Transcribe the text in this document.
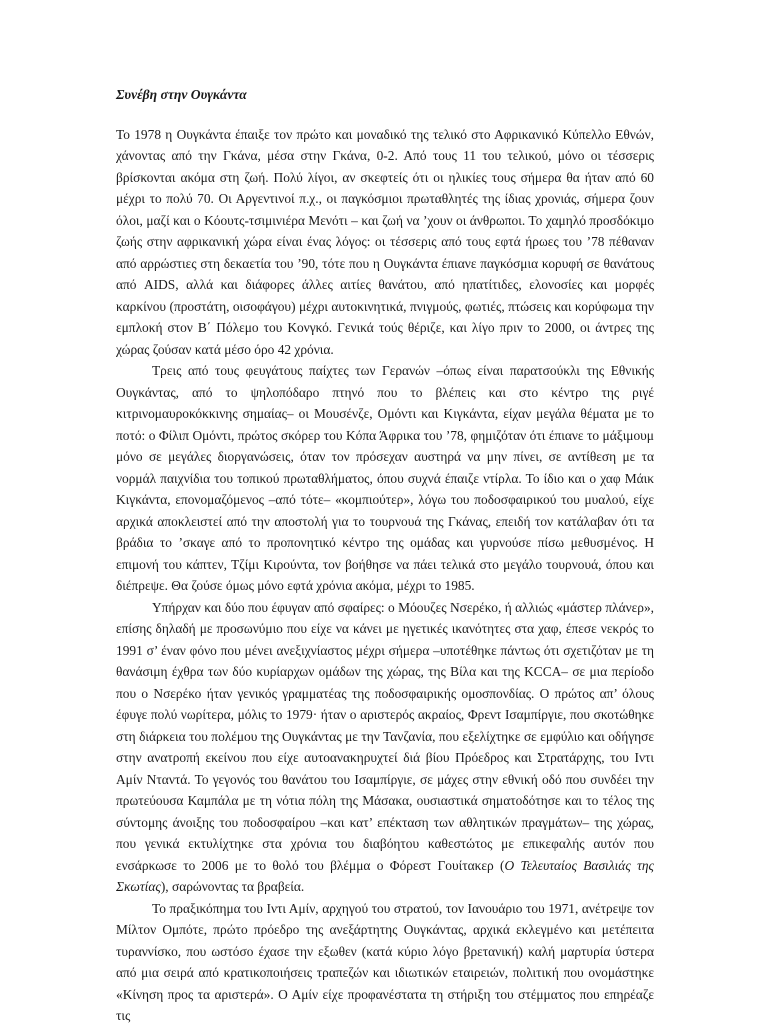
Συνέβη στην Ουγκάντα

Το 1978 η Ουγκάντα έπαιξε τον πρώτο και μοναδικό της τελικό στο Αφρικανικό Κύπελλο Εθνών, χάνοντας από την Γκάνα, μέσα στην Γκάνα, 0-2. Από τους 11 του τελικού, μόνο οι τέσσερις βρίσκονται ακόμα στη ζωή. Πολύ λίγοι, αν σκεφτείς ότι οι ηλικίες τους σήμερα θα ήταν από 60 μέχρι το πολύ 70. Οι Αργεντινοί π.χ., οι παγκόσμιοι πρωταθλητές της ίδιας χρονιάς, σήμερα ζουν όλοι, μαζί και ο Κόουτς-τσιμινιέρα Μενότι – και ζωή να ’χουν οι άνθρωποι. Το χαμηλό προσδόκιμο ζωής στην αφρικανική χώρα είναι ένας λόγος: οι τέσσερις από τους εφτά ήρωες του ’78 πέθαναν από αρρώστιες στη δεκαετία του ’90, τότε που η Ουγκάντα έπιανε παγκόσμια κορυφή σε θανάτους από AIDS, αλλά και διάφορες άλλες αιτίες θανάτου, από ηπατίτιδες, ελονοσίες και μορφές καρκίνου (προστάτη, οισοφάγου) μέχρι αυτοκινητικά, πνιγμούς, φωτιές, πτώσεις και κορύφωμα την εμπλοκή στον Β΄ Πόλεμο του Κονγκό. Γενικά τούς θέριζε, και λίγο πριν το 2000, οι άντρες της χώρας ζούσαν κατά μέσο όρο 42 χρόνια.

Τρεις από τους φευγάτους παίχτες των Γερανών –όπως είναι παρατσούκλι της Εθνικής Ουγκάντας, από το ψηλοπόδαρο πτηνό που το βλέπεις και στο κέντρο της ριγέ κιτρινομαυροκόκκινης σημαίας– οι Μουσένζε, Ομόντι και Κιγκάντα, είχαν μεγάλα θέματα με το ποτό: ο Φίλιπ Ομόντι, πρώτος σκόρερ του Κόπα Άφρικα του ’78, φημιζόταν ότι έπιανε το μάξιμουμ μόνο σε μεγάλες διοργανώσεις, όταν τον πρόσεχαν αυστηρά να μην πίνει, σε αντίθεση με τα νορμάλ παιχνίδια του τοπικού πρωταθλήματος, όπου συχνά έπαιζε ντίρλα. Το ίδιο και ο χαφ Μάικ Κιγκάντα, επονομαζόμενος –από τότε– «κομπιούτερ», λόγω του ποδοσφαιρικού του μυαλού, είχε αρχικά αποκλειστεί από την αποστολή για το τουρνουά της Γκάνας, επειδή τον κατάλαβαν ότι τα βράδια το ’σκαγε από το προπονητικό κέντρο της ομάδας και γυρνούσε πίσω μεθυσμένος. Η επιμονή του κάπτεν, Τζίμι Κιρούντα, τον βοήθησε να πάει τελικά στο μεγάλο τουρνουά, όπου και διέπρεψε. Θα ζούσε όμως μόνο εφτά χρόνια ακόμα, μέχρι το 1985.

Υπήρχαν και δύο που έφυγαν από σφαίρες: ο Μόουζες Νσερέκο, ή αλλιώς «μάστερ πλάνερ», επίσης δηλαδή με προσωνύμιο που είχε να κάνει με ηγετικές ικανότητες στα χαφ, έπεσε νεκρός το 1991 σ’ έναν φόνο που μένει ανεξιχνίαστος μέχρι σήμερα –υποτέθηκε πάντως ότι σχετιζόταν με τη θανάσιμη έχθρα των δύο κυρίαρχων ομάδων της χώρας, της Βίλα και της KCCA– σε μια περίοδο που ο Νσερέκο ήταν γενικός γραμματέας της ποδοσφαιρικής ομοσπονδίας. Ο πρώτος απ’ όλους έφυγε πολύ νωρίτερα, μόλις το 1979· ήταν ο αριστερός ακραίος, Φρεντ Ισαμπίργιε, που σκοτώθηκε στη διάρκεια του πολέμου της Ουγκάντας με την Τανζανία, που εξελίχτηκε σε εμφύλιο και οδήγησε στην ανατροπή εκείνου που είχε αυτοανακηρυχτεί διά βίου Πρόεδρος και Στρατάρχης, του Ιντι Αμίν Νταντά. Το γεγονός του θανάτου του Ισαμπίργιε, σε μάχες στην εθνική οδό που συνδέει την πρωτεύουσα Καμπάλα με τη νότια πόλη της Μάσακα, ουσιαστικά σηματοδότησε και το τέλος της σύντομης άνοιξης του ποδοσφαίρου –και κατ’ επέκταση των αθλητικών πραγμάτων– της χώρας, που γενικά εκτυλίχτηκε στα χρόνια του διαβόητου καθεστώτος με επικεφαλής αυτόν που ενσάρκωσε το 2006 με το θολό του βλέμμα ο Φόρεστ Γουίτακερ (Ο Τελευταίος Βασιλιάς της Σκωτίας), σαρώνοντας τα βραβεία.

Το πραξικόπημα του Ιντι Αμίν, αρχηγού του στρατού, τον Ιανουάριο του 1971, ανέτρεψε τον Μίλτον Ομπότε, πρώτο πρόεδρο της ανεξάρτητης Ουγκάντας, αρχικά εκλεγμένο και μετέπειτα τυραννίσκο, που ωστόσο έχασε την εξωθεν (κατά κύριο λόγο βρετανική) καλή μαρτυρία ύστερα από μια σειρά από κρατικοποιήσεις τραπεζών και ιδιωτικών εταιρειών, πολιτική που ονομάστηκε «Κίνηση προς τα αριστερά». Ο Αμίν είχε προφανέστατα τη στήριξη του στέμματος που επηρέαζε τις
